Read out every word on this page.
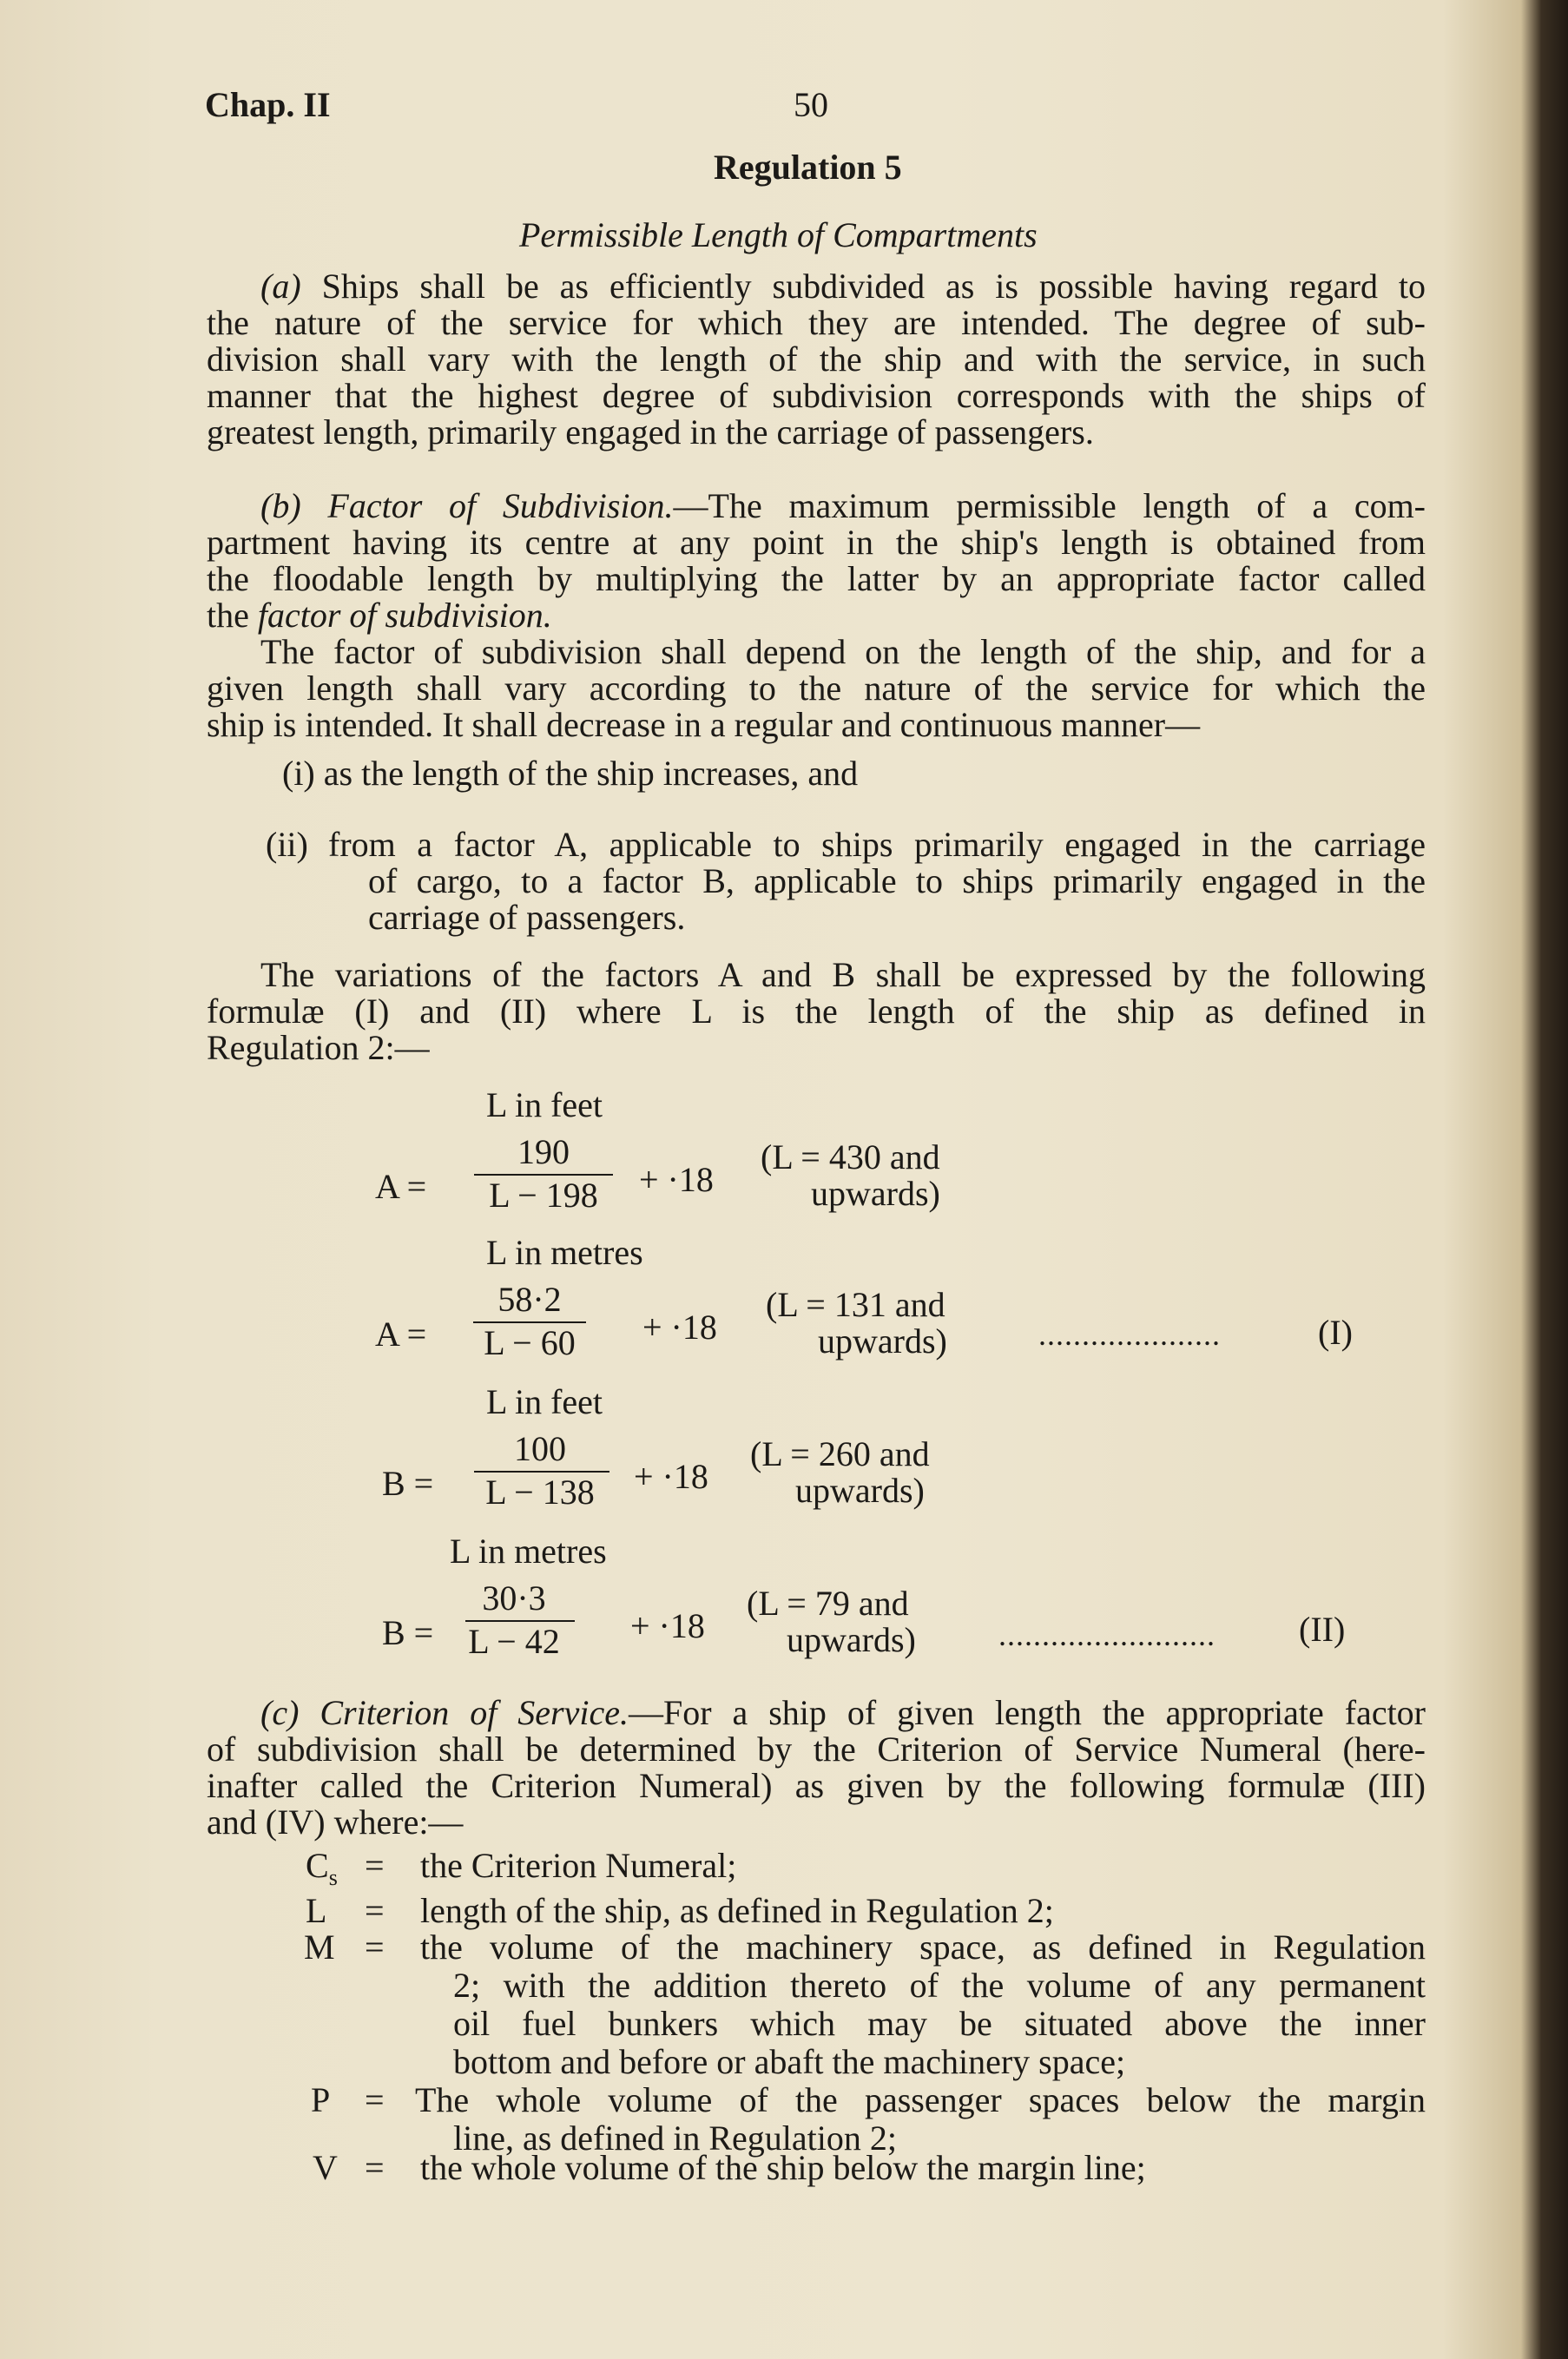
Chap. II	50
Regulation 5
Permissible Length of Compartments
(a) Ships shall be as efficiently subdivided as is possible having regard to
the nature of the service for which they are intended. The degree of sub-
division shall vary with the length of the ship and with the service, in such
manner that the highest degree of subdivision corresponds with the ships of
greatest length, primarily engaged in the carriage of passengers.
(b) Factor of Subdivision.—The maximum permissible length of a com-
partment having its centre at any point in the ship's length is obtained from
the floodable length by multiplying the latter by an appropriate factor called
the factor of subdivision.
The factor of subdivision shall depend on the length of the ship, and for a
given length shall vary according to the nature of the service for which the
ship is intended. It shall decrease in a regular and continuous manner—
(i) as the length of the ship increases, and
(ii) from a factor A, applicable to ships primarily engaged in the carriage
of cargo, to a factor B, applicable to ships primarily engaged in the
carriage of passengers.
The variations of the factors A and B shall be expressed by the following
formulæ (I) and (II) where L is the length of the ship as defined in
Regulation 2:—
L in feet
A =
190
L − 198	+ ·18
(L = 430 and
upwards)
L in metres
A =
58·2
L − 60	+ ·18
(L = 131 and
upwards)	.....................	(I)
L in feet
B =
100
L − 138	+ ·18
(L = 260 and
upwards)
L in metres
B =
30·3
L − 42	+ ·18
(L = 79 and
upwards)	......................... (II)
(c) Criterion of Service.—For a ship of given length the appropriate factor
of subdivision shall be determined by the Criterion of Service Numeral (here-
inafter called the Criterion Numeral) as given by the following formulæ (III)
and (IV) where:—
$C_s$ = the Criterion Numeral;
L = length of the ship, as defined in Regulation 2;
M = the volume of the machinery space, as defined in Regulation
2; with the addition thereto of the volume of any permanent
oil fuel bunkers which may be situated above the inner
bottom and before or abaft the machinery space;
P = The whole volume of the passenger spaces below the margin
line, as defined in Regulation 2;
V = the whole volume of the ship below the margin line;
